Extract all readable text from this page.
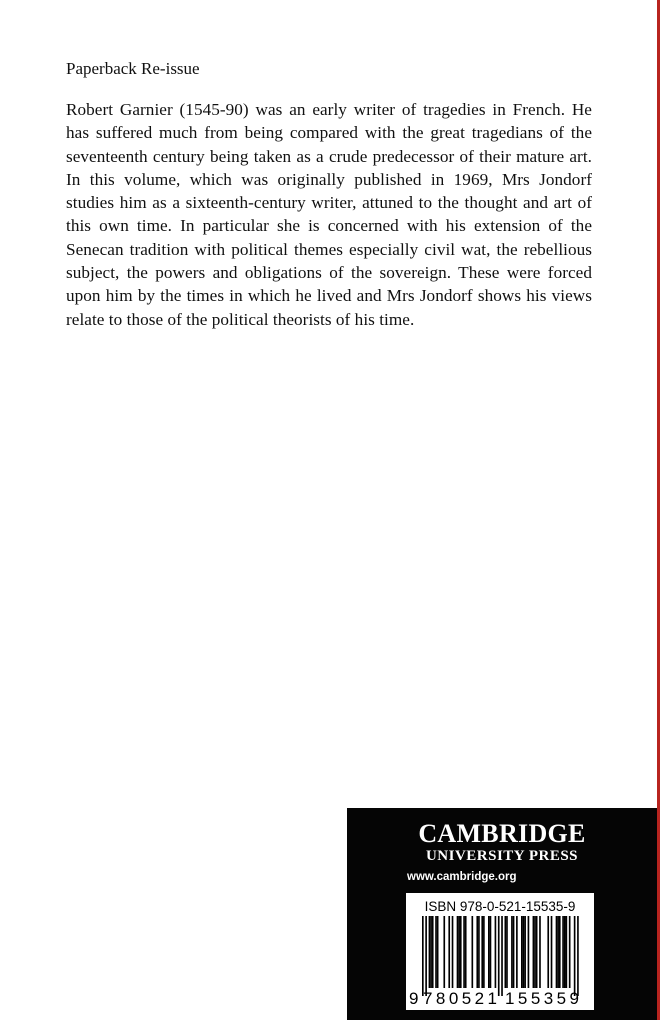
Paperback Re-issue

Robert Garnier (1545-90) was an early writer of tragedies in French. He has suffered much from being compared with the great tragedians of the seventeenth century being taken as a crude predecessor of their mature art. In this volume, which was originally published in 1969, Mrs Jondorf studies him as a sixteenth-century writer, attuned to the thought and art of this own time. In particular she is concerned with his extension of the Senecan tradition with political themes especially civil wat, the rebellious subject, the powers and obligations of the sovereign. These were forced upon him by the times in which he lived and Mrs Jondorf shows his views relate to those of the political theorists of his time.

CAMBRIDGE
UNIVERSITY PRESS
www.cambridge.org
ISBN 978-0-521-15535-9
9 780521 155359
